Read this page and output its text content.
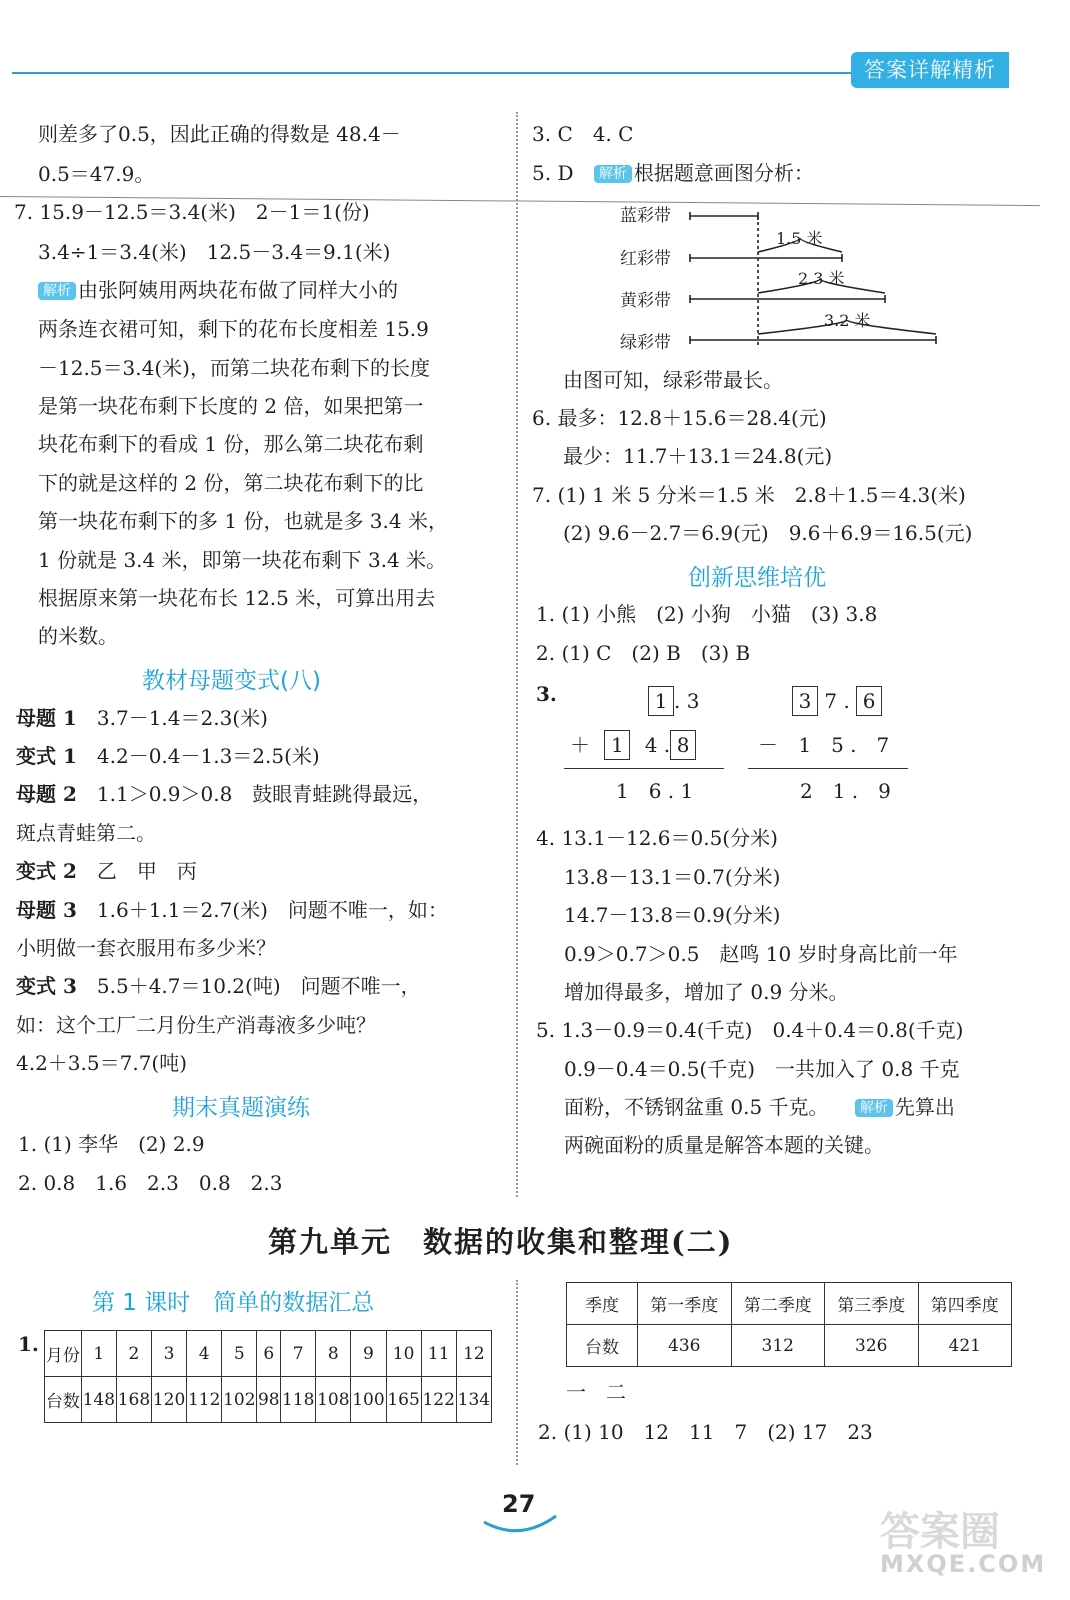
答案详解精析
则差多了0.5，因此正确的得数是 48.4－
0.5＝47.9。
7. 15.9－12.5＝3.4(米)　2－1＝1(份)
3.4÷1＝3.4(米)　12.5－3.4＝9.1(米)
解析 由张阿姨用两块花布做了同样大小的
两条连衣裙可知，剩下的花布长度相差 15.9
－12.5＝3.4(米)，而第二块花布剩下的长度
是第一块花布剩下长度的 2 倍，如果把第一
块花布剩下的看成 1 份，那么第二块花布剩
下的就是这样的 2 份，第二块花布剩下的比
第一块花布剩下的多 1 份，也就是多 3.4 米，
1 份就是 3.4 米，即第一块花布剩下 3.4 米。
根据原来第一块花布长 12.5 米，可算出用去
的米数。
教材母题变式(八)
母题 1　 3.7－1.4＝2.3(米)
变式 1　 4.2－0.4－1.3＝2.5(米)
母题 2　 1.1＞0.9＞0.8　鼓眼青蛙跳得最远，
斑点青蛙第二。
变式 2　 乙　甲　丙
母题 3　 1.6＋1.1＝2.7(米)　问题不唯一，如：
小明做一套衣服用布多少米？
变式 3　 5.5＋4.7＝10.2(吨)　问题不唯一，
如：这个工厂二月份生产消毒液多少吨？
4.2＋3.5＝7.7(吨)
期末真题演练
1. (1) 李华　(2) 2.9
2. 0.8　1.6　2.3　0.8　2.3
3. C　4. C
5. D 解析 根据题意画图分析：
蓝彩带
红彩带
黄彩带
绿彩带
1.5 米
2.3 米
3.2 米
由图可知，绿彩带最长。
6. 最多：12.8＋15.6＝28.4(元)
最少：11.7＋13.1＝24.8(元)
7. (1) 1 米 5 分米＝1.5 米　2.8＋1.5＝4.3(米)
(2) 9.6－2.7＝6.9(元)　9.6＋6.9＝16.5(元)
创新思维培优
1. (1) 小熊　(2) 小狗　小猫　(3) 3.8
2. (1) C　(2) B　(3) B
3.	1 . 3
＋ 1 4 . 8
1　6 . 1
3 7 . 6
－ 1　5 .　7
2　1 .　9
4. 13.1－12.6＝0.5(分米)
13.8－13.1＝0.7(分米)
14.7－13.8＝0.9(分米)
0.9＞0.7＞0.5　赵鸣 10 岁时身高比前一年
增加得最多，增加了 0.9 分米。
5. 1.3－0.9＝0.4(千克)　0.4＋0.4＝0.8(千克)
0.9－0.4＝0.5(千克)　一共加入了 0.8 千克
面粉，不锈钢盆重 0.5 千克。 解析 先算出
两碗面粉的质量是解答本题的关键。
第九单元　数据的收集和整理(二)
第 1 课时　简单的数据汇总
1. 月份	1	2	3	4	5	6	7	8	9	10	11	12
台数	148	168	120	112	102	98	118	108	100	165	122	134
季度	第一季度	第二季度	第三季度	第四季度
台数	436	312	326	421
一　二
2. (1) 10　12　11　7　(2) 17　23
27
答案圈
MXQE.COM
